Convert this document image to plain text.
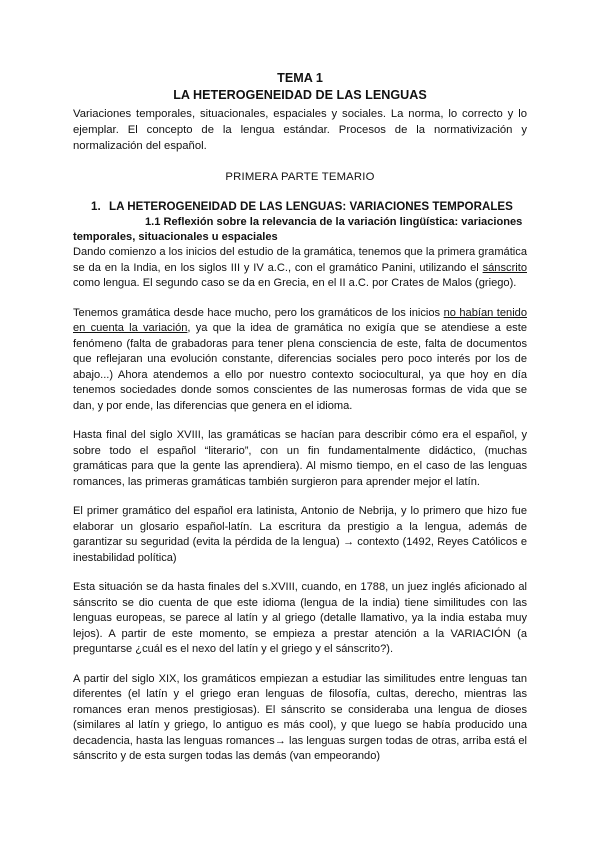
TEMA 1
LA HETEROGENEIDAD DE LAS LENGUAS

Variaciones temporales, situacionales, espaciales y sociales. La norma, lo correcto y lo ejemplar. El concepto de la lengua estándar. Procesos de la normativización y normalización del español.

PRIMERA PARTE TEMARIO

1. LA HETEROGENEIDAD DE LAS LENGUAS: VARIACIONES TEMPORALES
1.1 Reflexión sobre la relevancia de la variación lingüística: variaciones
temporales, situacionales u espaciales

Dando comienzo a los inicios del estudio de la gramática, tenemos que la primera gramática se da en la India, en los siglos III y IV a.C., con el gramático Panini, utilizando el sánscrito como lengua. El segundo caso se da en Grecia, en el II a.C. por Crates de Malos (griego).

Tenemos gramática desde hace mucho, pero los gramáticos de los inicios no habían tenido en cuenta la variación, ya que la idea de gramática no exigía que se atendiese a este fenómeno (falta de grabadoras para tener plena consciencia de este, falta de documentos que reflejaran una evolución constante, diferencias sociales pero poco interés por los de abajo...) Ahora atendemos a ello por nuestro contexto sociocultural, ya que hoy en día tenemos sociedades donde somos conscientes de las numerosas formas de vida que se dan, y por ende, las diferencias que genera en el idioma.

Hasta final del siglo XVIII, las gramáticas se hacían para describir cómo era el español, y sobre todo el español “literario”, con un fin fundamentalmente didáctico, (muchas gramáticas para que la gente las aprendiera). Al mismo tiempo, en el caso de las lenguas romances, las primeras gramáticas también surgieron para aprender mejor el latín.

El primer gramático del español era latinista, Antonio de Nebrija, y lo primero que hizo fue elaborar un glosario español-latín. La escritura da prestigio a la lengua, además de garantizar su seguridad (evita la pérdida de la lengua) → contexto (1492, Reyes Católicos e inestabilidad política)

Esta situación se da hasta finales del s.XVIII, cuando, en 1788, un juez inglés aficionado al sánscrito se dio cuenta de que este idioma (lengua de la india) tiene similitudes con las lenguas europeas, se parece al latín y al griego (detalle llamativo, ya la india estaba muy lejos). A partir de este momento, se empieza a prestar atención a la VARIACIÓN (a preguntarse ¿cuál es el nexo del latín y el griego y el sánscrito?).

A partir del siglo XIX, los gramáticos empiezan a estudiar las similitudes entre lenguas tan diferentes (el latín y el griego eran lenguas de filosofía, cultas, derecho, mientras las romances eran menos prestigiosas). El sánscrito se consideraba una lengua de dioses (similares al latín y griego, lo antiguo es más cool), y que luego se había producido una decadencia, hasta las lenguas romances→ las lenguas surgen todas de otras, arriba está el sánscrito y de esta surgen todas las demás (van empeorando)
